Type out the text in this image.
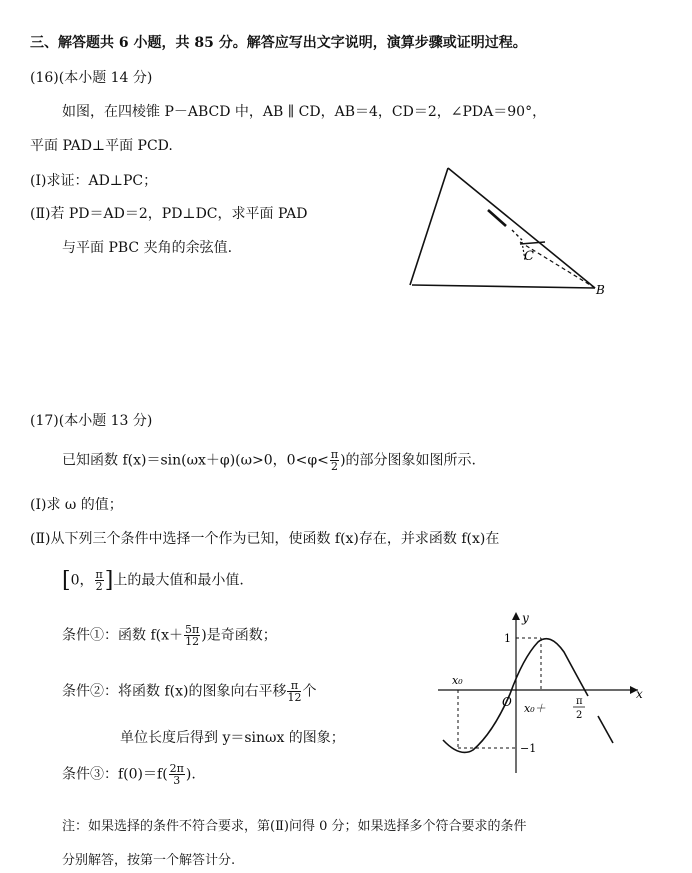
三、解答题共 6 小题，共 85 分。解答应写出文字说明，演算步骤或证明过程。
(16)(本小题 14 分)
如图，在四棱锥 P－ABCD 中，AB ∥ CD，AB＝4，CD＝2，∠PDA＝90°，
平面 PAD⊥平面 PCD.
(Ⅰ)求证：AD⊥PC；
(Ⅱ)若 PD＝AD＝2，PD⊥DC，求平面 PAD
与平面 PBC 夹角的余弦值.
C
B
(17)(本小题 13 分)
已知函数 f(x)＝sin(ωx＋φ)(ω>0，$0<\varphi< \frac{\pi}{2}$ )的部分图象如图所示.
(Ⅰ)求 ω 的值；
(Ⅱ)从下列三个条件中选择一个作为已知，使函数 f(x)存在，并求函数 f(x)在
[0， $\frac{\pi}{2}$ ]上的最大值和最小值.
条件①：函数 $f(x+ \frac{5\pi}{12}$ )是奇函数；
条件②：将函数 f(x)的图象向右平移 $\frac{\pi}{12}$ 个
单位长度后得到 y＝sinωx 的图象；
条件③：$f(0)=f( \frac{2\pi}{3}$ ).
注：如果选择的条件不符合要求，第(Ⅱ)问得 0 分；如果选择多个符合要求的条件
分别解答，按第一个解答计分.
y
x
1
−1
O
x₀
x₀＋
π
2
